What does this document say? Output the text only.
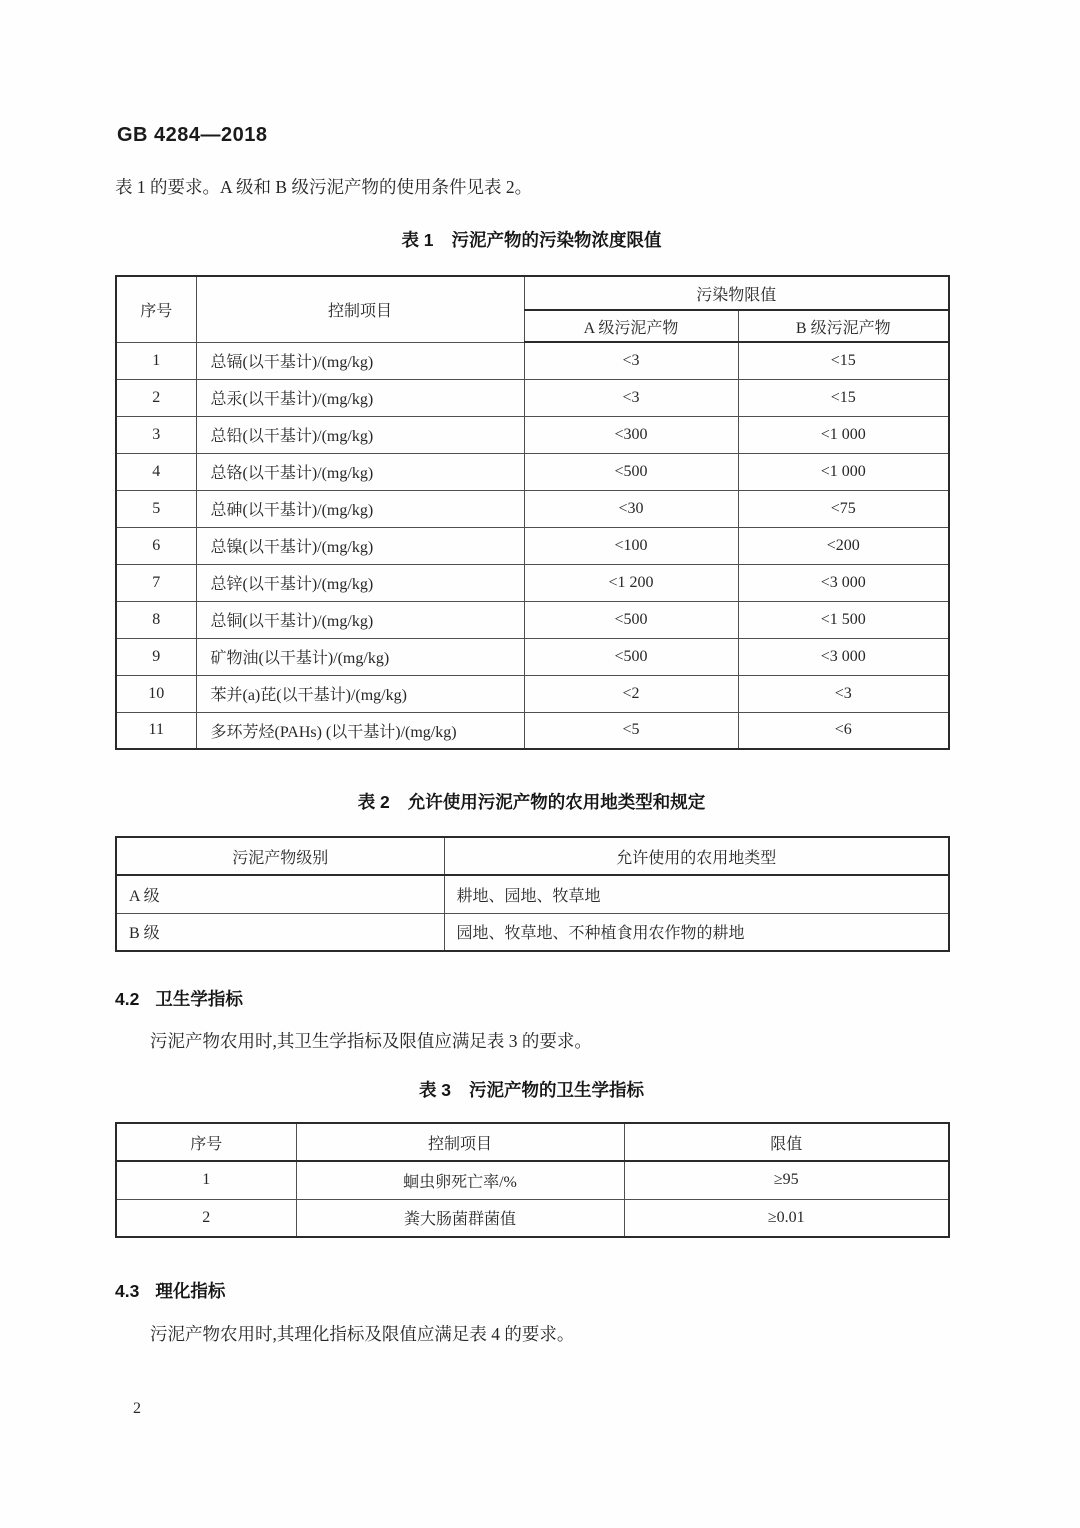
GB 4284—2018
表 1 的要求。A 级和 B 级污泥产物的使用条件见表 2。
表 1 污泥产物的污染物浓度限值
序号	控制项目	污染物限值	
		A 级污泥产物	B 级污泥产物
1	总镉(以干基计)/(mg/kg)	<3	<15
2	总汞(以干基计)/(mg/kg)	<3	<15
3	总铅(以干基计)/(mg/kg)	<300	<1 000
4	总铬(以干基计)/(mg/kg)	<500	<1 000
5	总砷(以干基计)/(mg/kg)	<30	<75
6	总镍(以干基计)/(mg/kg)	<100	<200
7	总锌(以干基计)/(mg/kg)	<1 200	<3 000
8	总铜(以干基计)/(mg/kg)	<500	<1 500
9	矿物油(以干基计)/(mg/kg)	<500	<3 000
10	苯并(a)芘(以干基计)/(mg/kg)	<2	<3
11	多环芳烃(PAHs) (以干基计)/(mg/kg)	<5	<6
表 2 允许使用污泥产物的农用地类型和规定
污泥产物级别	允许使用的农用地类型
A 级	耕地、园地、牧草地
B 级	园地、牧草地、不种植食用农作物的耕地
4.2 卫生学指标
污泥产物农用时,其卫生学指标及限值应满足表 3 的要求。
表 3 污泥产物的卫生学指标
序号	控制项目	限值
1	蛔虫卵死亡率/%	≥95
2	粪大肠菌群菌值	≥0.01
4.3 理化指标
污泥产物农用时,其理化指标及限值应满足表 4 的要求。
2
